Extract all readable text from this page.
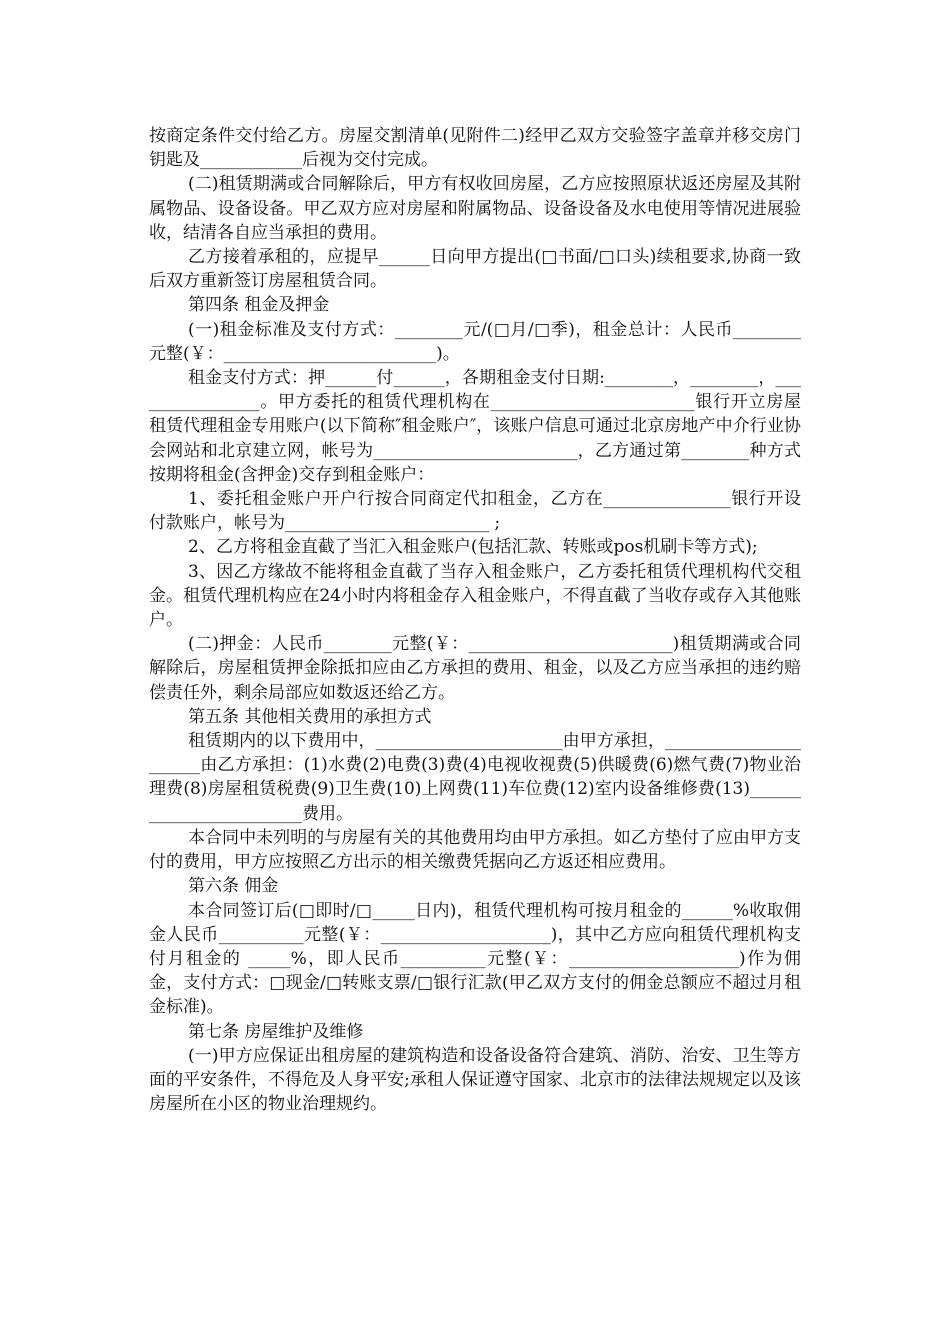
按商定条件交付给乙方。房屋交割清单(见附件二)经甲乙双方交验签字盖章并移交房门钥匙及____________后视为交付完成。

(二)租赁期满或合同解除后，甲方有权收回房屋，乙方应按照原状返还房屋及其附属物品、设备设备。甲乙双方应对房屋和附属物品、设备设备及水电使用等情况进展验收，结清各自应当承担的费用。

乙方接着承租的，应提早______日向甲方提出(□书面/□口头)续租要求,协商一致后双方重新签订房屋租赁合同。

第四条 租金及押金

(一)租金标准及支付方式：________元/(□月/□季)，租金总计：人民币________元整(￥：_________________________)。

租金支付方式：押______付______，各期租金支付日期:________，________，________________。甲方委托的租赁代理机构在________________________银行开立房屋租赁代理租金专用账户(以下简称″租金账户″，该账户信息可通过北京房地产中介行业协会网站和北京建立网，帐号为________________________，乙方通过第________种方式按期将租金(含押金)交存到租金账户：

1、委托租金账户开户行按合同商定代扣租金，乙方在_______________银行开设付款账户，帐号为________________________ ;

2、乙方将租金直截了当汇入租金账户(包括汇款、转账或pos机刷卡等方式);

3、因乙方缘故不能将租金直截了当存入租金账户，乙方委托租赁代理机构代交租金。租赁代理机构应在24小时内将租金存入租金账户，不得直截了当收存或存入其他账户。

(二)押金：人民币________元整(￥：________________________)租赁期满或合同解除后，房屋租赁押金除抵扣应由乙方承担的费用、租金，以及乙方应当承担的违约赔偿责任外，剩余局部应如数返还给乙方。

第五条 其他相关费用的承担方式

租赁期内的以下费用中，______________________由甲方承担，______________________由乙方承担：(1)水费(2)电费(3)费(4)电视收视费(5)供暖费(6)燃气费(7)物业治理费(8)房屋租赁税费(9)卫生费(10)上网费(11)车位费(12)室内设备维修费(13)________________________费用。

本合同中未列明的与房屋有关的其他费用均由甲方承担。如乙方垫付了应由甲方支付的费用，甲方应按照乙方出示的相关缴费凭据向乙方返还相应费用。

第六条 佣金

本合同签订后(□即时/□_____日内)，租赁代理机构可按月租金的______%收取佣金人民币__________元整(￥：____________________)，其中乙方应向租赁代理机构支付月租金的 _____%，即人民币__________元整(￥：____________________)作为佣金，支付方式：□现金/□转账支票/□银行汇款(甲乙双方支付的佣金总额应不超过月租金标准)。

第七条 房屋维护及维修

(一)甲方应保证出租房屋的建筑构造和设备设备符合建筑、消防、治安、卫生等方面的平安条件，不得危及人身平安;承租人保证遵守国家、北京市的法律法规规定以及该房屋所在小区的物业治理规约。
